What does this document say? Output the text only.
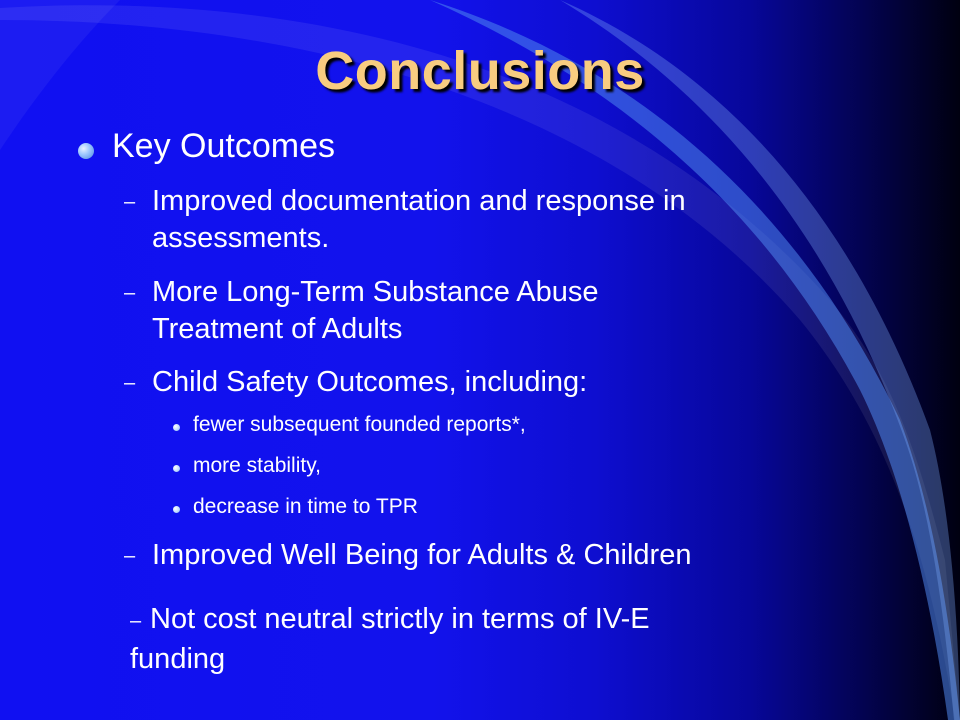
Conclusions
Key Outcomes
– Improved documentation and response in
assessments.
– More Long-Term Substance Abuse
Treatment of Adults
– Child Safety Outcomes, including:
fewer subsequent founded reports*,
more stability,
decrease in time to TPR
– Improved Well Being for Adults & Children
– Not cost neutral strictly in terms of IV-E
funding
